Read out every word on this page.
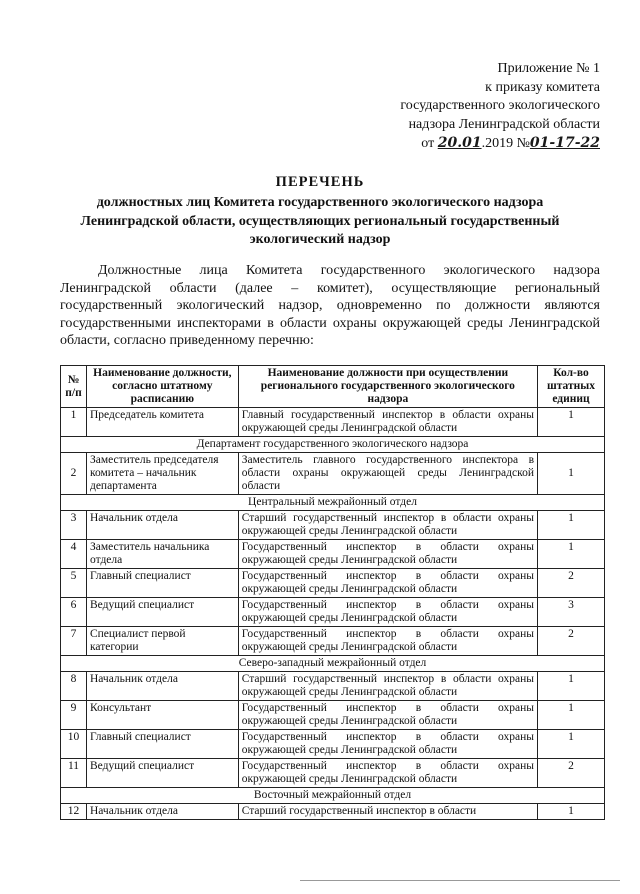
Приложение № 1
к приказу комитета
государственного экологического
надзора Ленинградской области
от 20.01.2019 №01-17-22
ПЕРЕЧЕНЬ
должностных лиц Комитета государственного экологического надзора
Ленинградской области, осуществляющих региональный государственный
экологический надзор
Должностные лица Комитета государственного экологического надзора Ленинградской области (далее – комитет), осуществляющие региональный государственный экологический надзор, одновременно по должности являются государственными инспекторами в области охраны окружающей среды Ленинградской области, согласно приведенному перечню:
№ п/п	Наименование должности, согласно штатному расписанию	Наименование должности при осуществлении регионального государственного экологического надзора	Кол-во штатных единиц
1	Председатель комитета	Главный государственный инспектор в области охраны окружающей среды Ленинградской области	1
Департамент государственного экологического надзора			
2	Заместитель председателя комитета – начальник департамента	Заместитель главного государственного инспектора в области охраны окружающей среды Ленинградской области	1
Центральный межрайонный отдел			
3	Начальник отдела	Старший государственный инспектор в области охраны окружающей среды Ленинградской области	1
4	Заместитель начальника отдела	Государственный инспектор в области охраны окружающей среды Ленинградской области	1
5	Главный специалист	Государственный инспектор в области охраны окружающей среды Ленинградской области	2
6	Ведущий специалист	Государственный инспектор в области охраны окружающей среды Ленинградской области	3
7	Специалист первой категории	Государственный инспектор в области охраны окружающей среды Ленинградской области	2
Северо-западный межрайонный отдел			
8	Начальник отдела	Старший государственный инспектор в области охраны окружающей среды Ленинградской области	1
9	Консультант	Государственный инспектор в области охраны окружающей среды Ленинградской области	1
10	Главный специалист	Государственный инспектор в области охраны окружающей среды Ленинградской области	1
11	Ведущий специалист	Государственный инспектор в области охраны окружающей среды Ленинградской области	2
Восточный межрайонный отдел			
12	Начальник отдела	Старший государственный инспектор в области	1
